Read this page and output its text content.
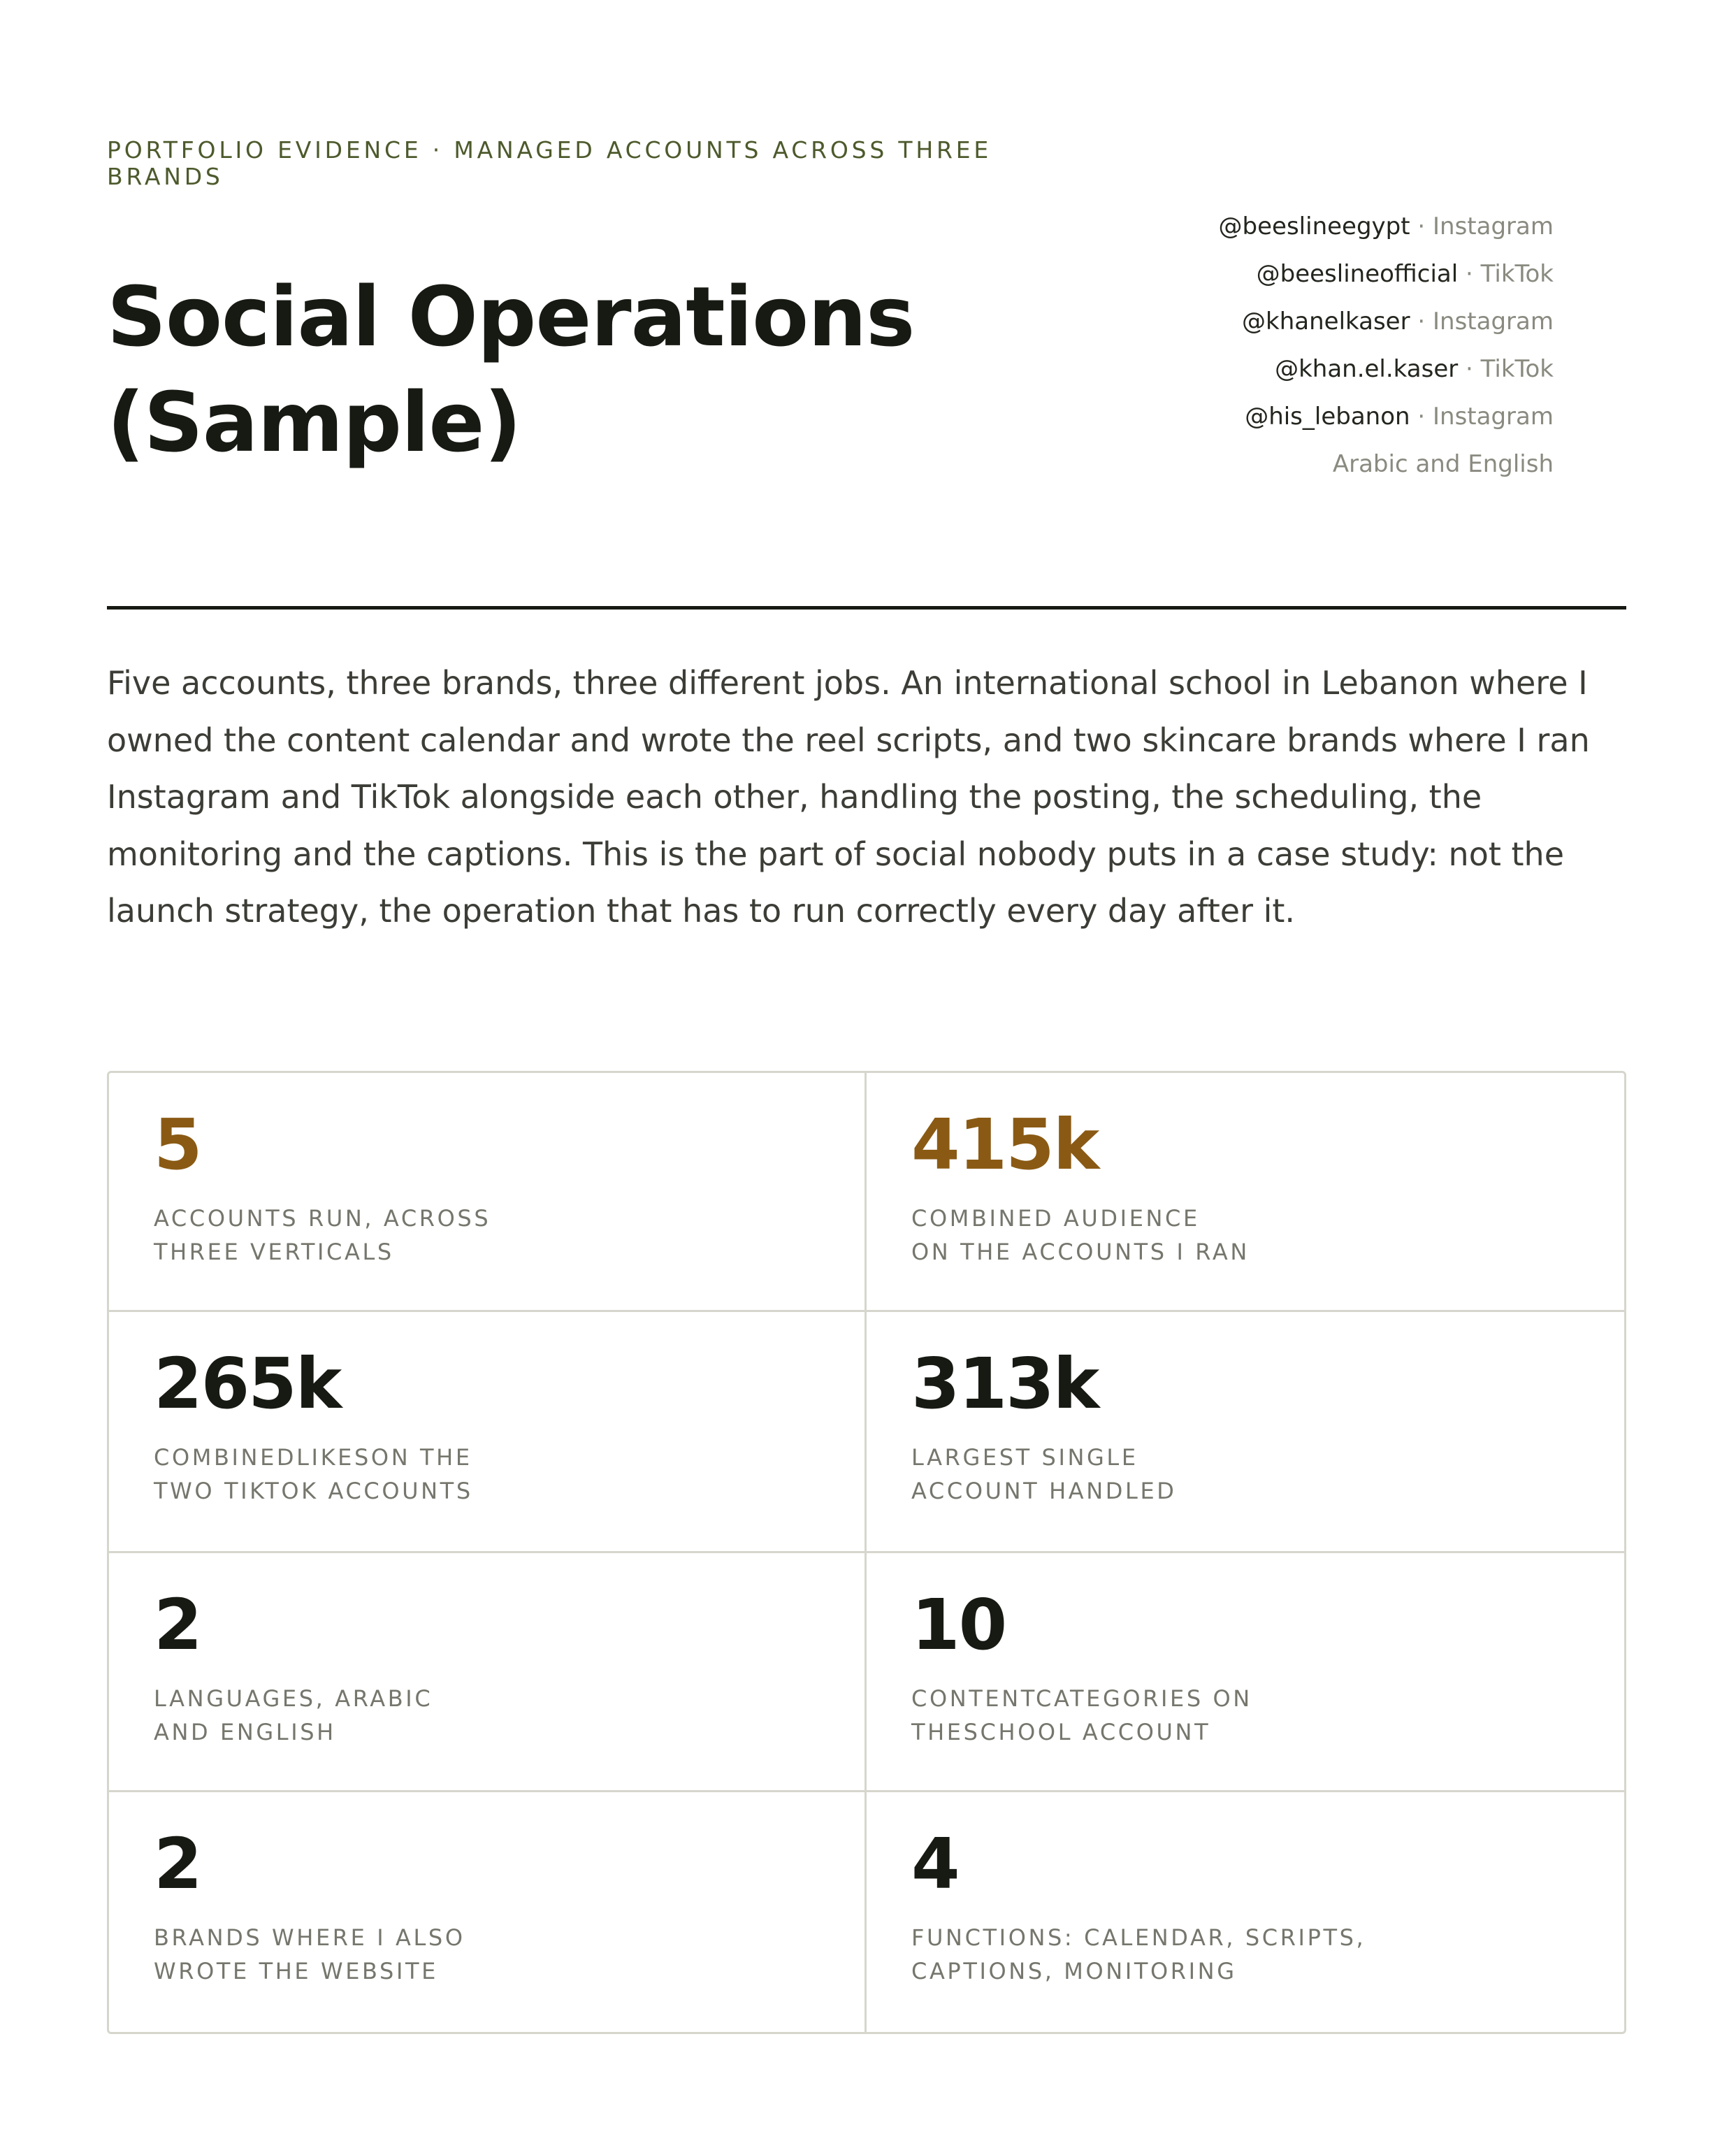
PORTFOLIO EVIDENCE · MANAGED ACCOUNTS ACROSS THREE BRANDS
Social Operations
(Sample)
@beeslineegypt · Instagram
@beeslineofficial · TikTok
@khanelkaser · Instagram
@khan.el.kaser · TikTok
@his_lebanon · Instagram
Arabic and English

Five accounts, three brands, three different jobs. An international school in Lebanon where I owned the content calendar and wrote the reel scripts, and two skincare brands where I ran Instagram and TikTok alongside each other, handling the posting, the scheduling, the monitoring and the captions. This is the part of social nobody puts in a case study: not the launch strategy, the operation that has to run correctly every day after it.

5
ACCOUNTS RUN, ACROSS
THREE VERTICALS
415k
COMBINED AUDIENCE
ON THE ACCOUNTS I RAN
265k
COMBINEDLIKESON THE
TWO TIKTOK ACCOUNTS
313k
LARGEST SINGLE
ACCOUNT HANDLED
2
LANGUAGES, ARABIC
AND ENGLISH
10
CONTENTCATEGORIES ON
THESCHOOL ACCOUNT
2
BRANDS WHERE I ALSO
WROTE THE WEBSITE
4
FUNCTIONS: CALENDAR, SCRIPTS,
CAPTIONS, MONITORING
